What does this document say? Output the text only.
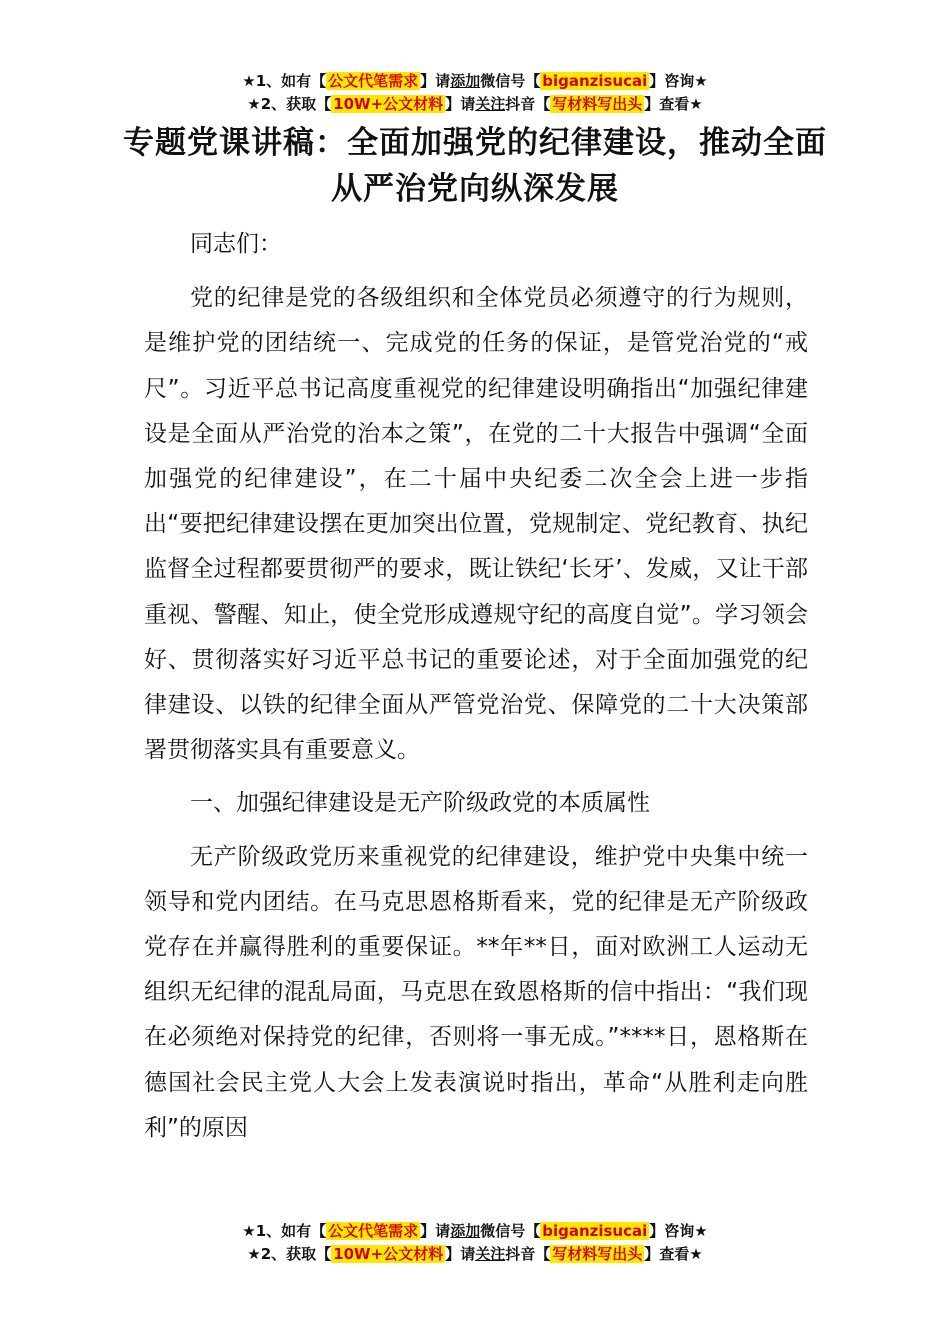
★1、如有【 公文代笔需求 】请添加微信号【 biganzisucai 】咨询★
★2、获取【 10W+公文材料 】请关注抖音【 写材料写出头 】查看★
专题党课讲稿：全面加强党的纪律建设，推动全面从严治党向纵深发展

同志们：

党的纪律是党的各级组织和全体党员必须遵守的行为规则，是维护党的团结统一、完成党的任务的保证，是管党治党的“戒尺”。习近平总书记高度重视党的纪律建设明确指出“加强纪律建设是全面从严治党的治本之策”，在党的二十大报告中强调“全面加强党的纪律建设”，在二十届中央纪委二次全会上进一步指出“要把纪律建设摆在更加突出位置，党规制定、党纪教育、执纪监督全过程都要贯彻严的要求，既让铁纪‘长牙’、发威，又让干部重视、警醒、知止，使全党形成遵规守纪的高度自觉”。学习领会好、贯彻落实好习近平总书记的重要论述，对于全面加强党的纪律建设、以铁的纪律全面从严管党治党、保障党的二十大决策部署贯彻落实具有重要意义。

一、加强纪律建设是无产阶级政党的本质属性

无产阶级政党历来重视党的纪律建设，维护党中央集中统一领导和党内团结。在马克思恩格斯看来，党的纪律是无产阶级政党存在并赢得胜利的重要保证。**年**日，面对欧洲工人运动无组织无纪律的混乱局面，马克思在致恩格斯的信中指出：“我们现在必须绝对保持党的纪律，否则将一事无成。”****日，恩格斯在德国社会民主党人大会上发表演说时指出，革命“从胜利走向胜利”的原因

★1、如有【 公文代笔需求 】请添加微信号【 biganzisucai 】咨询★
★2、获取【 10W+公文材料 】请关注抖音【 写材料写出头 】查看★
